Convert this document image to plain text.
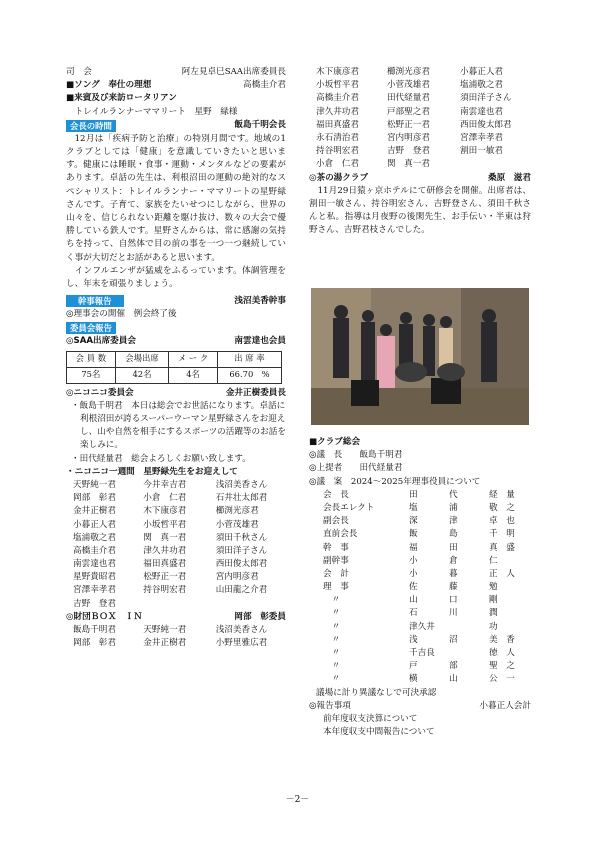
司　会	阿左見卓巳SAA出席委員長
■ソング　奉仕の理想	高橋圭介君
■来賓及び来訪ロータリアン
　トレイルランナーママリート　星野　緑様
会長の時間	飯島千明会長
12月は「疾病予防と治療」の特別月間です。地域の1クラブとしては「健康」を意識していきたいと思います。健康には睡眠・食事・運動・メンタルなどの要素があります。卓話の先生は、利根沼田の運動の絶対的なスペシャリスト：トレイルランナー・ママリートの星野緑さんです。子育て、家族をたいせつにしながら、世界の山々を、信じられない距離を駆け抜け、数々の大会で優勝している鉄人です。星野さんからは、常に感謝の気持ちを持って、自然体で目の前の事を一つ一つ継続していく事が大切だとお話があると思います。
インフルエンザが猛威をふるっています。体調管理をし、年末を頑張りましょう。
幹事報告	浅沼美香幹事
◎理事会の開催　例会終了後
委員会報告
◎SAA出席委員会	南雲達也会員
会 員 数	会場出席	メ ー ク	出 席 率
75名	42名	4名	66.70　%
◎ニコニコ委員会	金井正樹委員長
・飯島千明君　本日は総会でお世話になります。卓話に利根沼田が誇るスーパーウーマン星野緑さんをお迎えし、山や自然を相手にするスポーツの活躍等のお話を楽しみに。
・田代経量君　総会よろしくお願い致します。
・ニコニコ一週間　星野緑先生をお迎えして
天野純一君	今井幸吉君	浅沼美香さん
岡部　彰君	小倉　仁君	石井壮太郎君
金井正樹君	木下康彦君	櫛渕光彦君
小暮正人君	小坂哲平君	小菅茂雄君
塩浦敬之君	関　真一君	須田千秋さん
高橋圭介君	津久井功君	須田洋子さん
南雲達也君	福田真盛君	西田俊太郎君
星野貴昭君	松野正一君	宮内明彦君
宮澤幸孝君	持谷明宏君	山田龍之介君
吉野　登君
◎財団ＢＯＸ　ＩＮ	岡部　彰委員
飯島千明君	天野純一君	浅沼美香さん
岡部　彰君	金井正樹君	小野里雅広君
木下康彦君	櫛渕光彦君	小暮正人君
小坂哲平君	小菅茂雄君	塩浦敬之君
高橋圭介君	田代経量君	須田洋子さん
津久井功君	戸部聖之君	南雲達也君
福田真盛君	松野正一君	西田俊太郎君
永石清治君	宮内明彦君	宮澤幸孝君
持谷明宏君	吉野　登君	割田一敏君
小倉　仁君	関　真一君
◎茶の湯クラブ	桑原　滋君
11月29日猿ヶ京ホテルにて研修会を開催。出席者は、割田一敏さん、持谷明宏さん、吉野登さん、須田千秋さんと私。指導は月夜野の後閑先生、お手伝い・半東は狩野さん、吉野君枝さんでした。
■クラブ総会
◎議　長　　飯島千明君
◎上提者　　田代経量君
◎議　案　2024～2025年理事役員について
会　長	田	代	経　量
会長エレクト	塩	浦	敬　之
副会長	深	津	卓　也
直前会長	飯	島	千　明
幹　事	福	田	真　盛
副幹事	小	倉	仁
会　計	小	暮	正　人
理　事	佐	藤	勉
　〃	山	口	剛
　〃	石	川	潤
　〃	津久井	功
　〃	浅	沼	美　香
　〃	千吉良	徳　人
　〃	戸	部	聖　之
　〃	横	山	公　一
議場に計り異議なしで可決承認
◎報告事項	小暮正人会計
前年度収支決算について
本年度収支中間報告について
－2－
